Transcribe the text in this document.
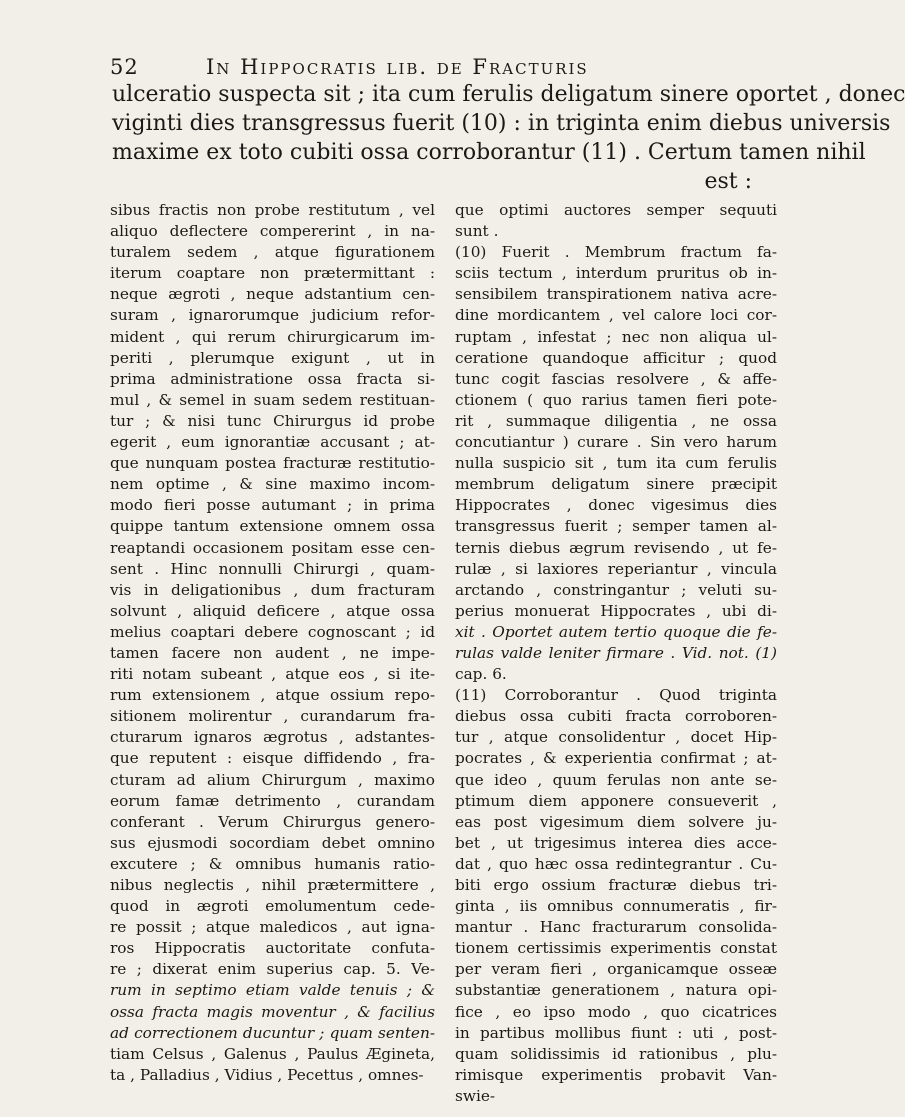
52	In Hippocratis lib. de Fracturis
ulceratio suspecta sit ; ita cum ferulis deligatum sinere oportet , donec
viginti dies transgressus fuerit (10) : in triginta enim diebus universis
maxime ex toto cubiti ossa corroborantur (11) . Certum tamen nihil
est :
sibus fractis non probe restitutum , vel
aliquo deflectere compererint , in na-
turalem sedem , atque figurationem
iterum coaptare non prætermittant :
neque ægroti , neque adstantium cen-
suram , ignarorumque judicium refor-
mident , qui rerum chirurgicarum im-
periti , plerumque exigunt , ut in
prima administratione ossa fracta si-
mul , & semel in suam sedem restituan-
tur ; & nisi tunc Chirurgus id probe
egerit , eum ignorantiæ accusant ; at-
que nunquam postea fracturæ restitutio-
nem optime , & sine maximo incom-
modo fieri posse autumant ; in prima
quippe tantum extensione omnem ossa
reaptandi occasionem positam esse cen-
sent . Hinc nonnulli Chirurgi , quam-
vis in deligationibus , dum fracturam
solvunt , aliquid deficere , atque ossa
melius coaptari debere cognoscant ; id
tamen facere non audent , ne impe-
riti notam subeant , atque eos , si ite-
rum extensionem , atque ossium repo-
sitionem molirentur , curandarum fra-
cturarum ignaros ægrotus , adstantes-
que reputent : eisque diffidendo , fra-
cturam ad alium Chirurgum , maximo
eorum famæ detrimento , curandam
conferant . Verum Chirurgus genero-
sus ejusmodi socordiam debet omnino
excutere ; & omnibus humanis ratio-
nibus neglectis , nihil prætermittere ,
quod in ægroti emolumentum cede-
re possit ; atque maledicos , aut igna-
ros Hippocratis auctoritate confuta-
re ; dixerat enim superius cap. 5. Ve-
rum in septimo etiam valde tenuis ; &
ossa fracta magis moventur , & facilius
ad correctionem ducuntur ; quam senten-
tiam Celsus , Galenus , Paulus Ægineta,
ta , Palladius , Vidius , Pecettus , omnes-
que optimi auctores semper sequuti
sunt .
(10) Fuerit . Membrum fractum fa-
sciis tectum , interdum pruritus ob in-
sensibilem transpirationem nativa acre-
dine mordicantem , vel calore loci cor-
ruptam , infestat ; nec non aliqua ul-
ceratione quandoque afficitur ; quod
tunc cogit fascias resolvere , & affe-
ctionem ( quo rarius tamen fieri pote-
rit , summaque diligentia , ne ossa
concutiantur ) curare . Sin vero harum
nulla suspicio sit , tum ita cum ferulis
membrum deligatum sinere præcipit
Hippocrates , donec vigesimus dies
transgressus fuerit ; semper tamen al-
ternis diebus ægrum revisendo , ut fe-
rulæ , si laxiores reperiantur , vincula
arctando , constringantur ; veluti su-
perius monuerat Hippocrates , ubi di-
xit . Oportet autem tertio quoque die fe-
rulas valde leniter firmare . Vid. not. (1)
cap. 6.
(11) Corroborantur . Quod triginta
diebus ossa cubiti fracta corroboren-
tur , atque consolidentur , docet Hip-
pocrates , & experientia confirmat ; at-
que ideo , quum ferulas non ante se-
ptimum diem apponere consueverit ,
eas post vigesimum diem solvere ju-
bet , ut trigesimus interea dies acce-
dat , quo hæc ossa redintegrantur . Cu-
biti ergo ossium fracturæ diebus tri-
ginta , iis omnibus connumeratis , fir-
mantur . Hanc fracturarum consolida-
tionem certissimis experimentis constat
per veram fieri , organicamque osseæ
substantiæ generationem , natura opi-
fice , eo ipso modo , quo cicatrices
in partibus mollibus fiunt : uti , post-
quam solidissimis id rationibus , plu-
rimisque experimentis probavit Van-
swie-
